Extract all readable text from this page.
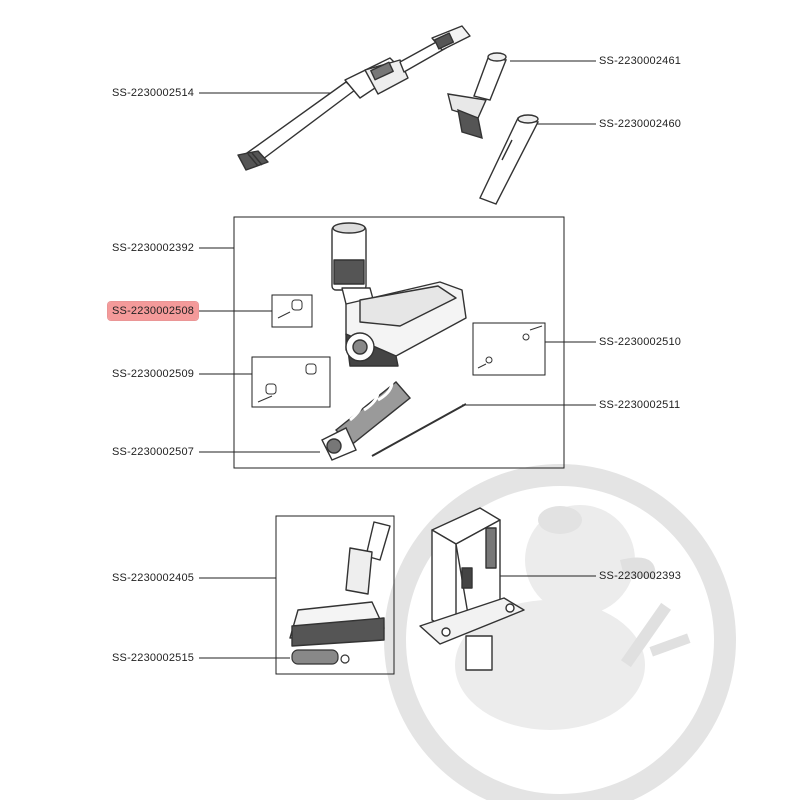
SS-2230002514
SS-2230002461
SS-2230002460
SS-2230002392
SS-2230002508
SS-2230002510
SS-2230002509
SS-2230002511
SS-2230002507
SS-2230002405	SS-2230002393
SS-2230002515
